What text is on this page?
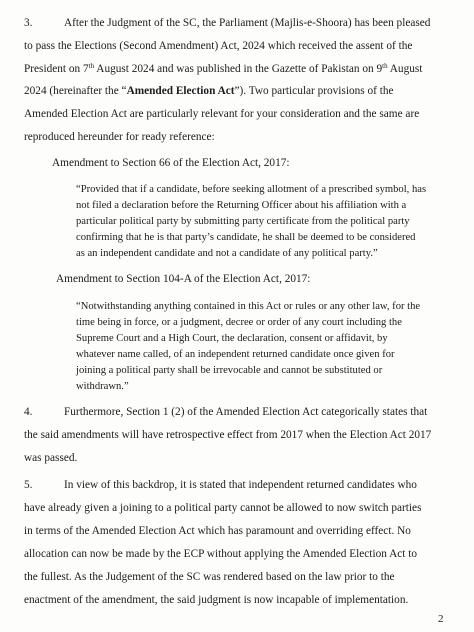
3.	After the Judgment of the SC, the Parliament (Majlis-e-Shoora) has been pleased
to pass the Elections (Second Amendment) Act, 2024 which received the assent of the
President on 7th August 2024 and was published in the Gazette of Pakistan on 9th August
2024 (hereinafter the “Amended Election Act”). Two particular provisions of the
Amended Election Act are particularly relevant for your consideration and the same are
reproduced hereunder for ready reference:
Amendment to Section 66 of the Election Act, 2017:
“Provided that if a candidate, before seeking allotment of a prescribed symbol, has
not filed a declaration before the Returning Officer about his affiliation with a
particular political party by submitting party certificate from the political party
confirming that he is that party’s candidate, he shall be deemed to be considered
as an independent candidate and not a candidate of any political party.”
Amendment to Section 104-A of the Election Act, 2017:
“Notwithstanding anything contained in this Act or rules or any other law, for the
time being in force, or a judgment, decree or order of any court including the
Supreme Court and a High Court, the declaration, consent or affidavit, by
whatever name called, of an independent returned candidate once given for
joining a political party shall be irrevocable and cannot be substituted or
withdrawn.”
4.	Furthermore, Section 1 (2) of the Amended Election Act categorically states that
the said amendments will have retrospective effect from 2017 when the Election Act 2017
was passed.
5.	In view of this backdrop, it is stated that independent returned candidates who
have already given a joining to a political party cannot be allowed to now switch parties
in terms of the Amended Election Act which has paramount and overriding effect. No
allocation can now be made by the ECP without applying the Amended Election Act to
the fullest. As the Judgement of the SC was rendered based on the law prior to the
enactment of the amendment, the said judgment is now incapable of implementation.
2
